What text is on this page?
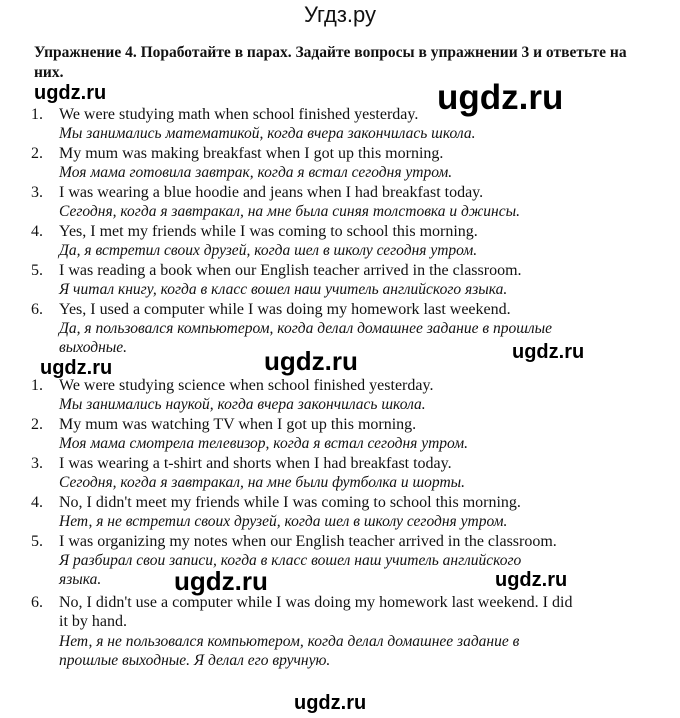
Угдз.ру
Упражнение 4. Поработайте в парах. Задайте вопросы в упражнении 3 и ответьте на них.
ugdz.ru	ugdz.ru
ugdz.ru	ugdz.ru	ugdz.ru
ugdz.ru	ugdz.ru
ugdz.ru
1. We were studying math when school finished yesterday.
Мы занимались математикой, когда вчера закончилась школа.
2. My mum was making breakfast when I got up this morning.
Моя мама готовила завтрак, когда я встал сегодня утром.
3. I was wearing a blue hoodie and jeans when I had breakfast today.
Сегодня, когда я завтракал, на мне была синяя толстовка и джинсы.
4. Yes, I met my friends while I was coming to school this morning.
Да, я встретил своих друзей, когда шел в школу сегодня утром.
5. I was reading a book when our English teacher arrived in the classroom.
Я читал книгу, когда в класс вошел наш учитель английского языка.
6. Yes, I used a computer while I was doing my homework last weekend.
Да, я пользовался компьютером, когда делал домашнее задание в прошлые
выходные.
1. We were studying science when school finished yesterday.
Мы занимались наукой, когда вчера закончилась школа.
2. My mum was watching TV when I got up this morning.
Моя мама смотрела телевизор, когда я встал сегодня утром.
3. I was wearing a t-shirt and shorts when I had breakfast today.
Сегодня, когда я завтракал, на мне были футболка и шорты.
4. No, I didn't meet my friends while I was coming to school this morning.
Нет, я не встретил своих друзей, когда шел в школу сегодня утром.
5. I was organizing my notes when our English teacher arrived in the classroom.
Я разбирал свои записи, когда в класс вошел наш учитель английского
языка.
6. No, I didn't use a computer while I was doing my homework last weekend. I did
it by hand.
Нет, я не пользовался компьютером, когда делал домашнее задание в
прошлые выходные. Я делал его вручную.
